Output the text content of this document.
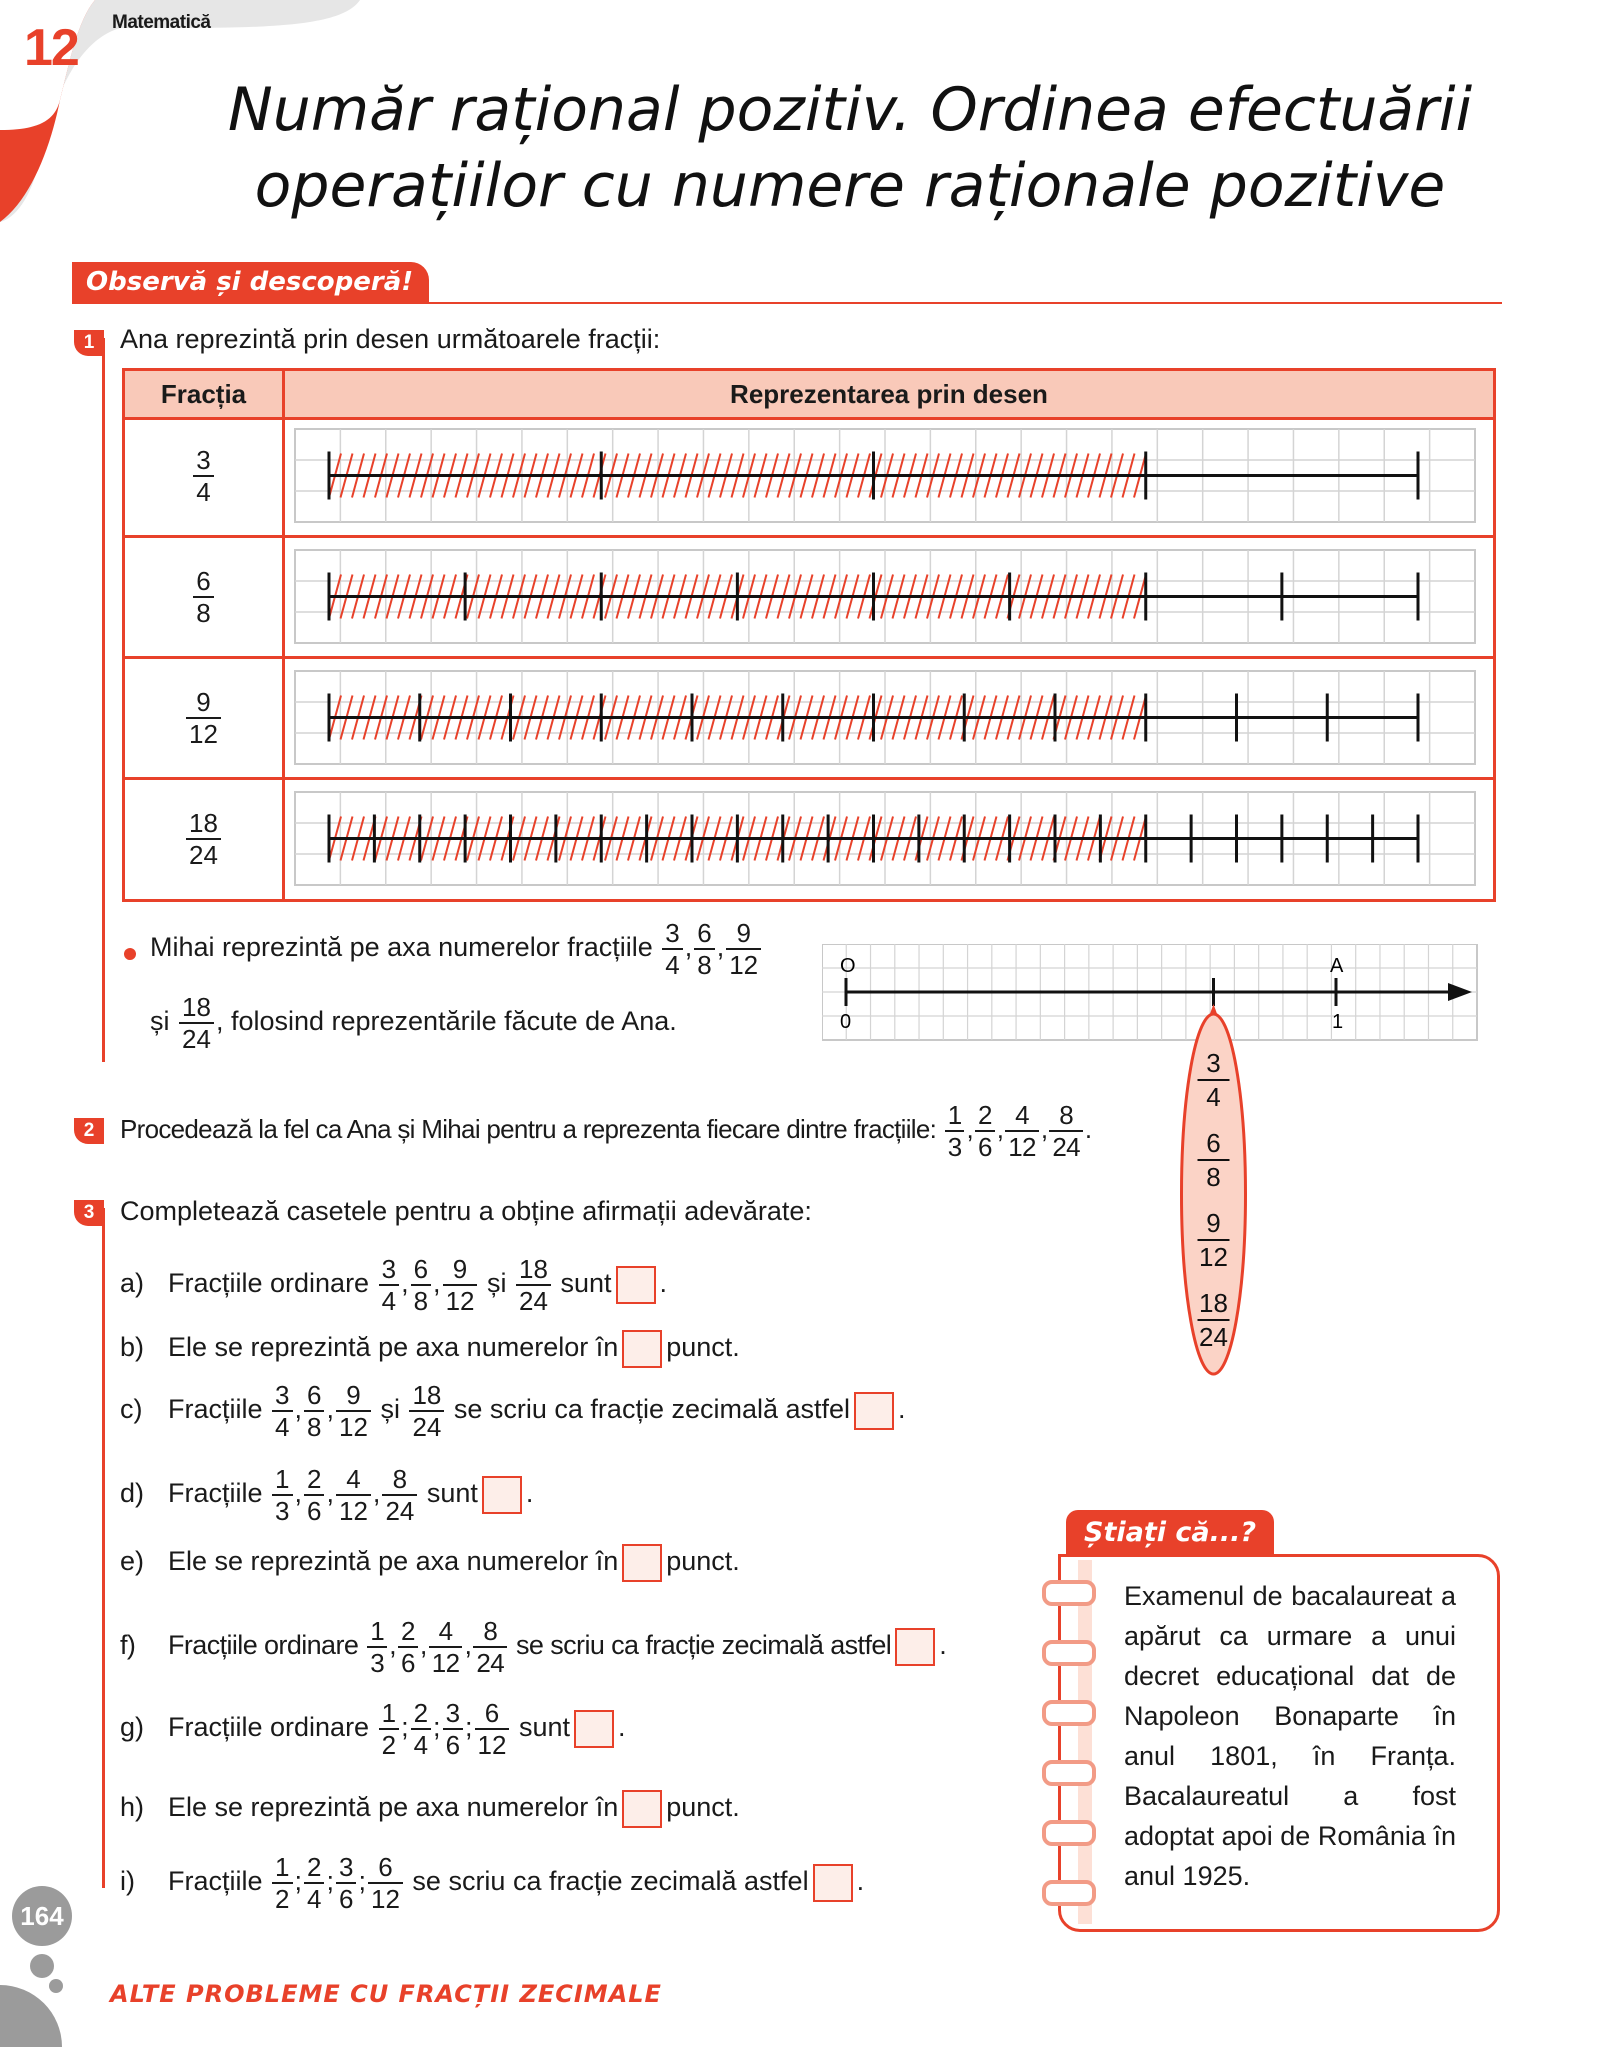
12 Matematică
Număr rațional pozitiv. Ordinea efectuării
operațiilor cu numere raționale pozitive
Observă și descoperă!
1 Ana reprezintă prin desen următoarele fracții:
Fracția	Reprezentarea prin desen
$\frac{3}{4}$
$\frac{6}{8}$
$\frac{9}{12}$
$\frac{18}{24}$
Mihai reprezintă pe axa numerelor fracțiile $\frac{3}{4}$ , $\frac{6}{8}$ , $\frac{9}{12}$
și $\frac{18}{24}$ , folosind reprezentările făcute de Ana.
O
0
A
1
3
4
6
8
9
12
18
24
2 Procedează la fel ca Ana și Mihai pentru a reprezenta fiecare dintre fracțiile: $\frac{1}{3}$ , $\frac{2}{6}$ , $\frac{4}{12}$ , $\frac{8}{24}$ .
3 Completează casetele pentru a obține afirmații adevărate:
a) Fracțiile ordinare $\frac{3}{4}$ , $\frac{6}{8}$ , $\frac{9}{12}$ și $\frac{18}{24}$ sunt .
b) Ele se reprezintă pe axa numerelor în punct.
c) Fracțiile $\frac{3}{4}$ , $\frac{6}{8}$ , $\frac{9}{12}$ și $\frac{18}{24}$ se scriu ca fracție zecimală astfel .
d) Fracțiile $\frac{1}{3}$ , $\frac{2}{6}$ , $\frac{4}{12}$ , $\frac{8}{24}$ sunt .
e) Ele se reprezintă pe axa numerelor în punct.
f) Fracțiile ordinare $\frac{1}{3}$ , $\frac{2}{6}$ , $\frac{4}{12}$ , $\frac{8}{24}$ se scriu ca fracție zecimală astfel .
g) Fracțiile ordinare $\frac{1}{2}$ ; $\frac{2}{4}$ ; $\frac{3}{6}$ ; $\frac{6}{12}$ sunt .
h) Ele se reprezintă pe axa numerelor în punct.
i) Fracțiile $\frac{1}{2}$ ; $\frac{2}{4}$ ; $\frac{3}{6}$ ; $\frac{6}{12}$ se scriu ca fracție zecimală astfel .
Știați că...?
Examenul de bacalaureat a apărut ca urmare a unui decret educațional dat de Napoleon Bonaparte în anul 1801, în Franța. Bacalaureatul a fost adoptat apoi de România în anul 1925.
164
ALTE PROBLEME CU FRACȚII ZECIMALE
